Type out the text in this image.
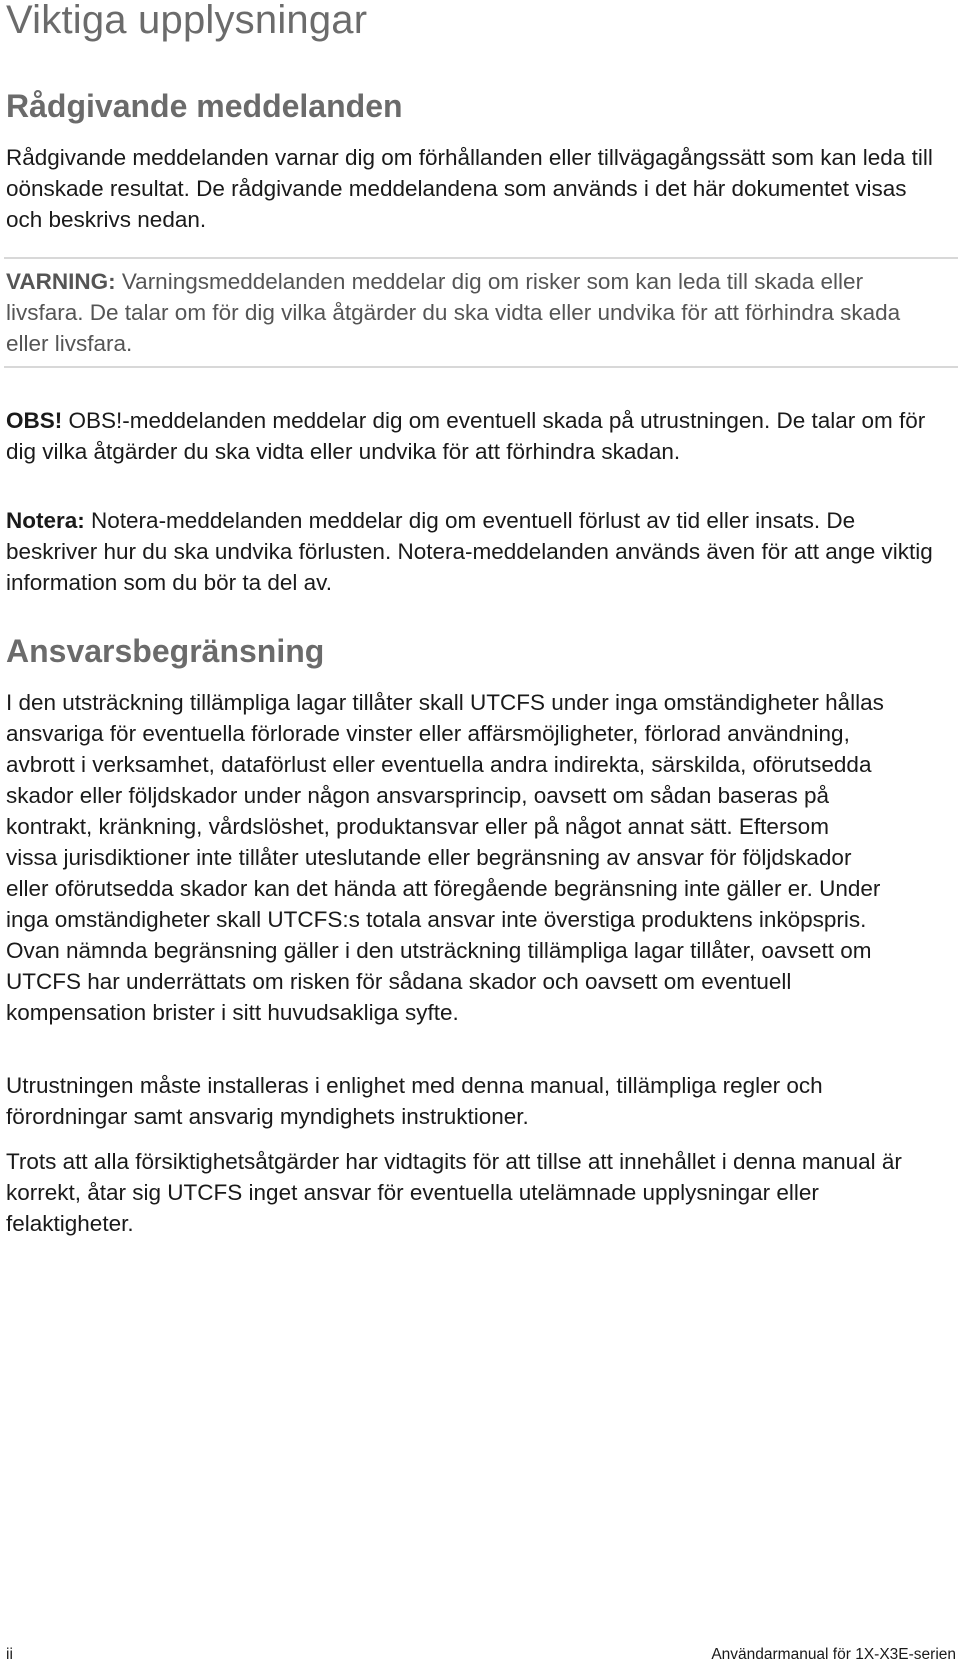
Viktiga upplysningar
Rådgivande meddelanden

Rådgivande meddelanden varnar dig om förhållanden eller tillvägagångssätt som kan leda till oönskade resultat. De rådgivande meddelandena som används i det här dokumentet visas och beskrivs nedan.

VARNING: Varningsmeddelanden meddelar dig om risker som kan leda till skada eller livsfara. De talar om för dig vilka åtgärder du ska vidta eller undvika för att förhindra skada eller livsfara.

OBS! OBS!-meddelanden meddelar dig om eventuell skada på utrustningen. De talar om för dig vilka åtgärder du ska vidta eller undvika för att förhindra skadan.

Notera: Notera-meddelanden meddelar dig om eventuell förlust av tid eller insats. De beskriver hur du ska undvika förlusten. Notera-meddelanden används även för att ange viktig information som du bör ta del av.

Ansvarsbegränsning

I den utsträckning tillämpliga lagar tillåter skall UTCFS under inga omständigheter hållas ansvariga för eventuella förlorade vinster eller affärsmöjligheter, förlorad användning, avbrott i verksamhet, dataförlust eller eventuella andra indirekta, särskilda, oförutsedda skador eller följdskador under någon ansvarsprincip, oavsett om sådan baseras på kontrakt, kränkning, vårdslöshet, produktansvar eller på något annat sätt. Eftersom vissa jurisdiktioner inte tillåter uteslutande eller begränsning av ansvar för följdskador eller oförutsedda skador kan det hända att föregående begränsning inte gäller er. Under inga omständigheter skall UTCFS:s totala ansvar inte överstiga produktens inköpspris. Ovan nämnda begränsning gäller i den utsträckning tillämpliga lagar tillåter, oavsett om UTCFS har underrättats om risken för sådana skador och oavsett om eventuell kompensation brister i sitt huvudsakliga syfte.

Utrustningen måste installeras i enlighet med denna manual, tillämpliga regler och förordningar samt ansvarig myndighets instruktioner.

Trots att alla försiktighetsåtgärder har vidtagits för att tillse att innehållet i denna manual är korrekt, åtar sig UTCFS inget ansvar för eventuella utelämnade upplysningar eller felaktigheter.

ii	Användarmanual för 1X-X3E-serien
